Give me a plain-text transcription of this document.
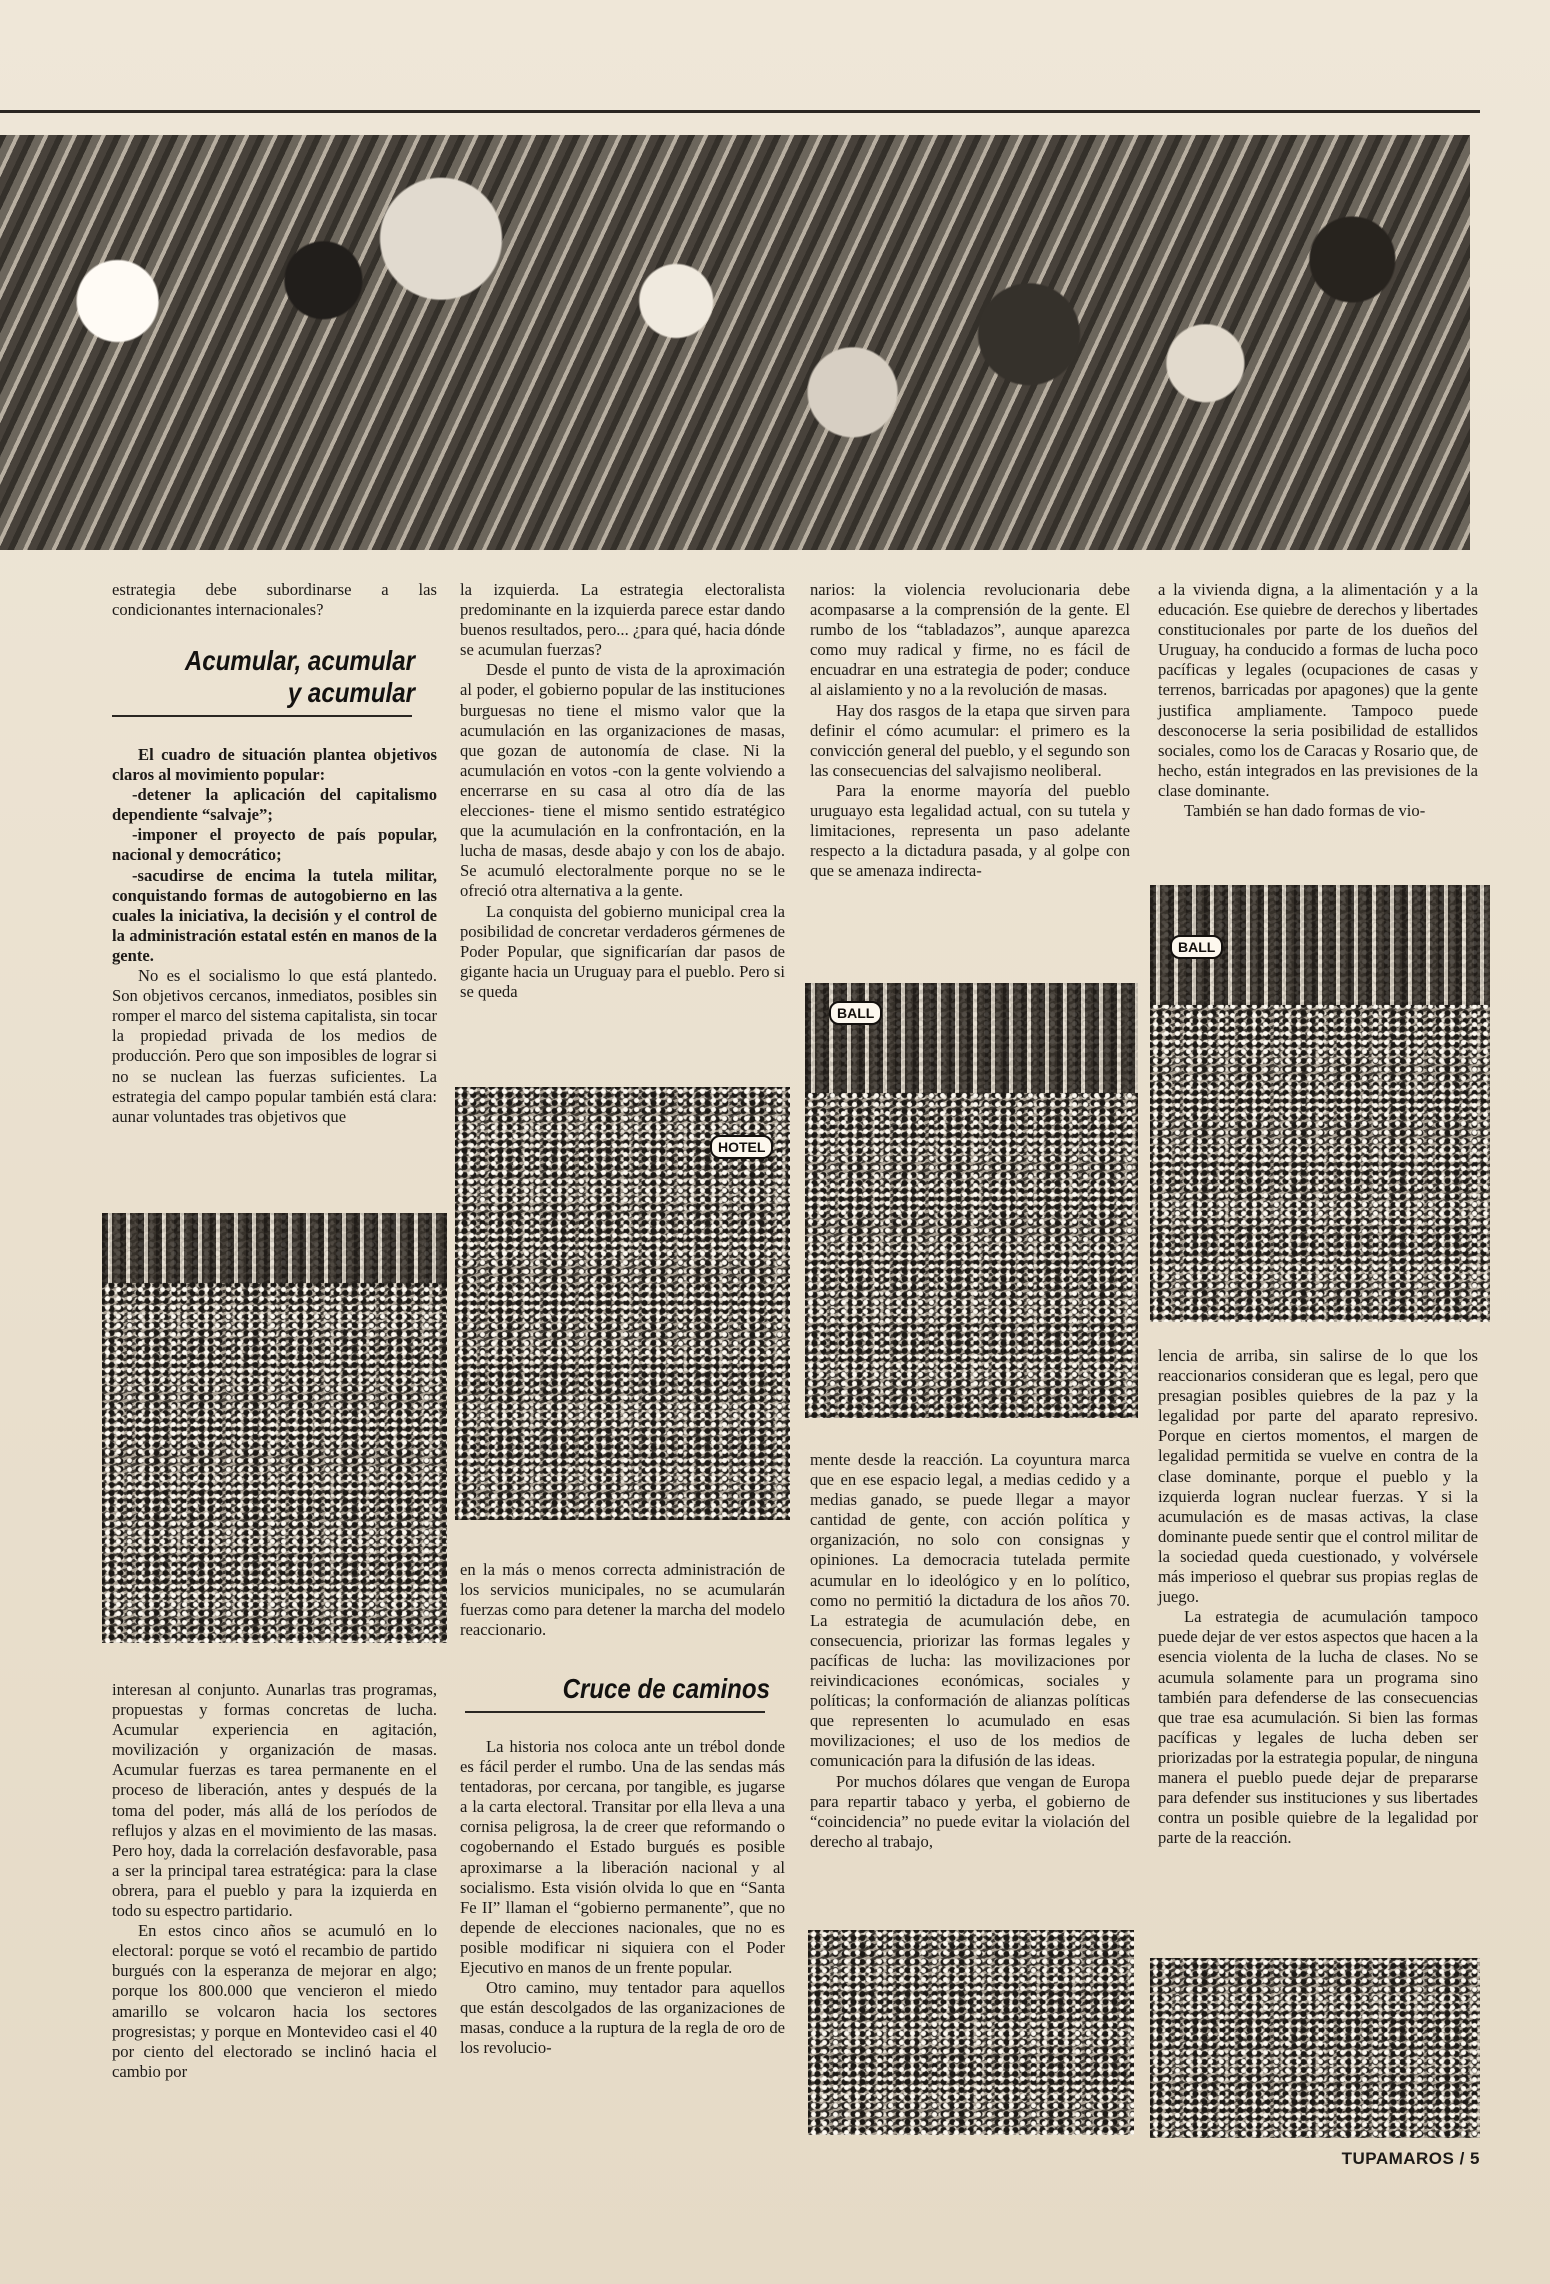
estrategia debe subordinarse a las condicionantes internacionales?

Acumular, acumular
y acumular

El cuadro de situación plantea objetivos claros al movimiento popular:

-detener la aplicación del capitalismo dependiente “salvaje”;

-imponer el proyecto de país popular, nacional y democrático;

-sacudirse de encima la tutela militar, conquistando formas de autogobierno en las cuales la iniciativa, la decisión y el control de la administración estatal estén en manos de la gente.

No es el socialismo lo que está plantedo. Son objetivos cercanos, inmediatos, posibles sin romper el marco del sistema capitalista, sin tocar la propiedad privada de los medios de producción. Pero que son imposibles de lograr si no se nuclean las fuerzas suficientes. La estrategia del campo popular también está clara: aunar voluntades tras objetivos que

interesan al conjunto. Aunarlas tras programas, propuestas y formas concretas de lucha. Acumular experiencia en agitación, movilización y organización de masas. Acumular fuerzas es tarea permanente en el proceso de liberación, antes y después de la toma del poder, más allá de los períodos de reflujos y alzas en el movimiento de las masas. Pero hoy, dada la correlación desfavorable, pasa a ser la principal tarea estratégica: para la clase obrera, para el pueblo y para la izquierda en todo su espectro partidario.

En estos cinco años se acumuló en lo electoral: porque se votó el recambio de partido burgués con la esperanza de mejorar en algo; porque los 800.000 que vencieron el miedo amarillo se volcaron hacia los sectores progresistas; y porque en Montevideo casi el 40 por ciento del electorado se inclinó hacia el cambio por

la izquierda. La estrategia electoralista predominante en la izquierda parece estar dando buenos resultados, pero... ¿para qué, hacia dónde se acumulan fuerzas?

Desde el punto de vista de la aproximación al poder, el gobierno popular de las instituciones burguesas no tiene el mismo valor que la acumulación en las organizaciones de masas, que gozan de autonomía de clase. Ni la acumulación en votos -con la gente volviendo a encerrarse en su casa al otro día de las elecciones- tiene el mismo sentido estratégico que la acumulación en la confrontación, en la lucha de masas, desde abajo y con los de abajo. Se acumuló electoralmente porque no se le ofreció otra alternativa a la gente.

La conquista del gobierno municipal crea la posibilidad de concretar verdaderos gérmenes de Poder Popular, que significarían dar pasos de gigante hacia un Uruguay para el pueblo. Pero si se queda

HOTEL

en la más o menos correcta administración de los servicios municipales, no se acumularán fuerzas como para detener la marcha del modelo reaccionario.

Cruce de caminos

La historia nos coloca ante un trébol donde es fácil perder el rumbo. Una de las sendas más tentadoras, por cercana, por tangible, es jugarse a la carta electoral. Transitar por ella lleva a una cornisa peligrosa, la de creer que reformando o cogobernando el Estado burgués es posible aproximarse a la liberación nacional y al socialismo. Esta visión olvida lo que en “Santa Fe II” llaman el “gobierno permanente”, que no depende de elecciones nacionales, que no es posible modificar ni siquiera con el Poder Ejecutivo en manos de un frente popular.

Otro camino, muy tentador para aquellos que están descolgados de las organizaciones de masas, conduce a la ruptura de la regla de oro de los revolucio-

narios: la violencia revolucionaria debe acompasarse a la comprensión de la gente. El rumbo de los “tabladazos”, aunque aparezca como muy radical y firme, no es fácil de encuadrar en una estrategia de poder; conduce al aislamiento y no a la revolución de masas.

Hay dos rasgos de la etapa que sirven para definir el cómo acumular: el primero es la convicción general del pueblo, y el segundo son las consecuencias del salvajismo neoliberal.

Para la enorme mayoría del pueblo uruguayo esta legalidad actual, con su tutela y limitaciones, representa un paso adelante respecto a la dictadura pasada, y al golpe con que se amenaza indirecta-

BALL

mente desde la reacción. La coyuntura marca que en ese espacio legal, a medias cedido y a medias ganado, se puede llegar a mayor cantidad de gente, con acción política y organización, no solo con consignas y opiniones. La democracia tutelada permite acumular en lo ideológico y en lo político, como no permitió la dictadura de los años 70. La estrategia de acumulación debe, en consecuencia, priorizar las formas legales y pacíficas de lucha: las movilizaciones por reivindicaciones económicas, sociales y políticas; la conformación de alianzas políticas que representen lo acumulado en esas movilizaciones; el uso de los medios de comunicación para la difusión de las ideas.

Por muchos dólares que vengan de Europa para repartir tabaco y yerba, el gobierno de “coincidencia” no puede evitar la violación del derecho al trabajo,

a la vivienda digna, a la alimentación y a la educación. Ese quiebre de derechos y libertades constitucionales por parte de los dueños del Uruguay, ha conducido a formas de lucha poco pacíficas y legales (ocupaciones de casas y terrenos, barricadas por apagones) que la gente justifica ampliamente. Tampoco puede desconocerse la seria posibilidad de estallidos sociales, como los de Caracas y Rosario que, de hecho, están integrados en las previsiones de la clase dominante.

También se han dado formas de vio-

BALL

lencia de arriba, sin salirse de lo que los reaccionarios consideran que es legal, pero que presagian posibles quiebres de la paz y la legalidad por parte del aparato represivo. Porque en ciertos momentos, el margen de legalidad permitida se vuelve en contra de la clase dominante, porque el pueblo y la izquierda logran nuclear fuerzas. Y si la acumulación es de masas activas, la clase dominante puede sentir que el control militar de la sociedad queda cuestionado, y volvérsele más imperioso el quebrar sus propias reglas de juego.

La estrategia de acumulación tampoco puede dejar de ver estos aspectos que hacen a la esencia violenta de la lucha de clases. No se acumula solamente para un programa sino también para defenderse de las consecuencias que trae esa acumulación. Si bien las formas pacíficas y legales de lucha deben ser priorizadas por la estrategia popular, de ninguna manera el pueblo puede dejar de prepararse para defender sus instituciones y sus libertades contra un posible quiebre de la legalidad por parte de la reacción.

TUPAMAROS / 5
